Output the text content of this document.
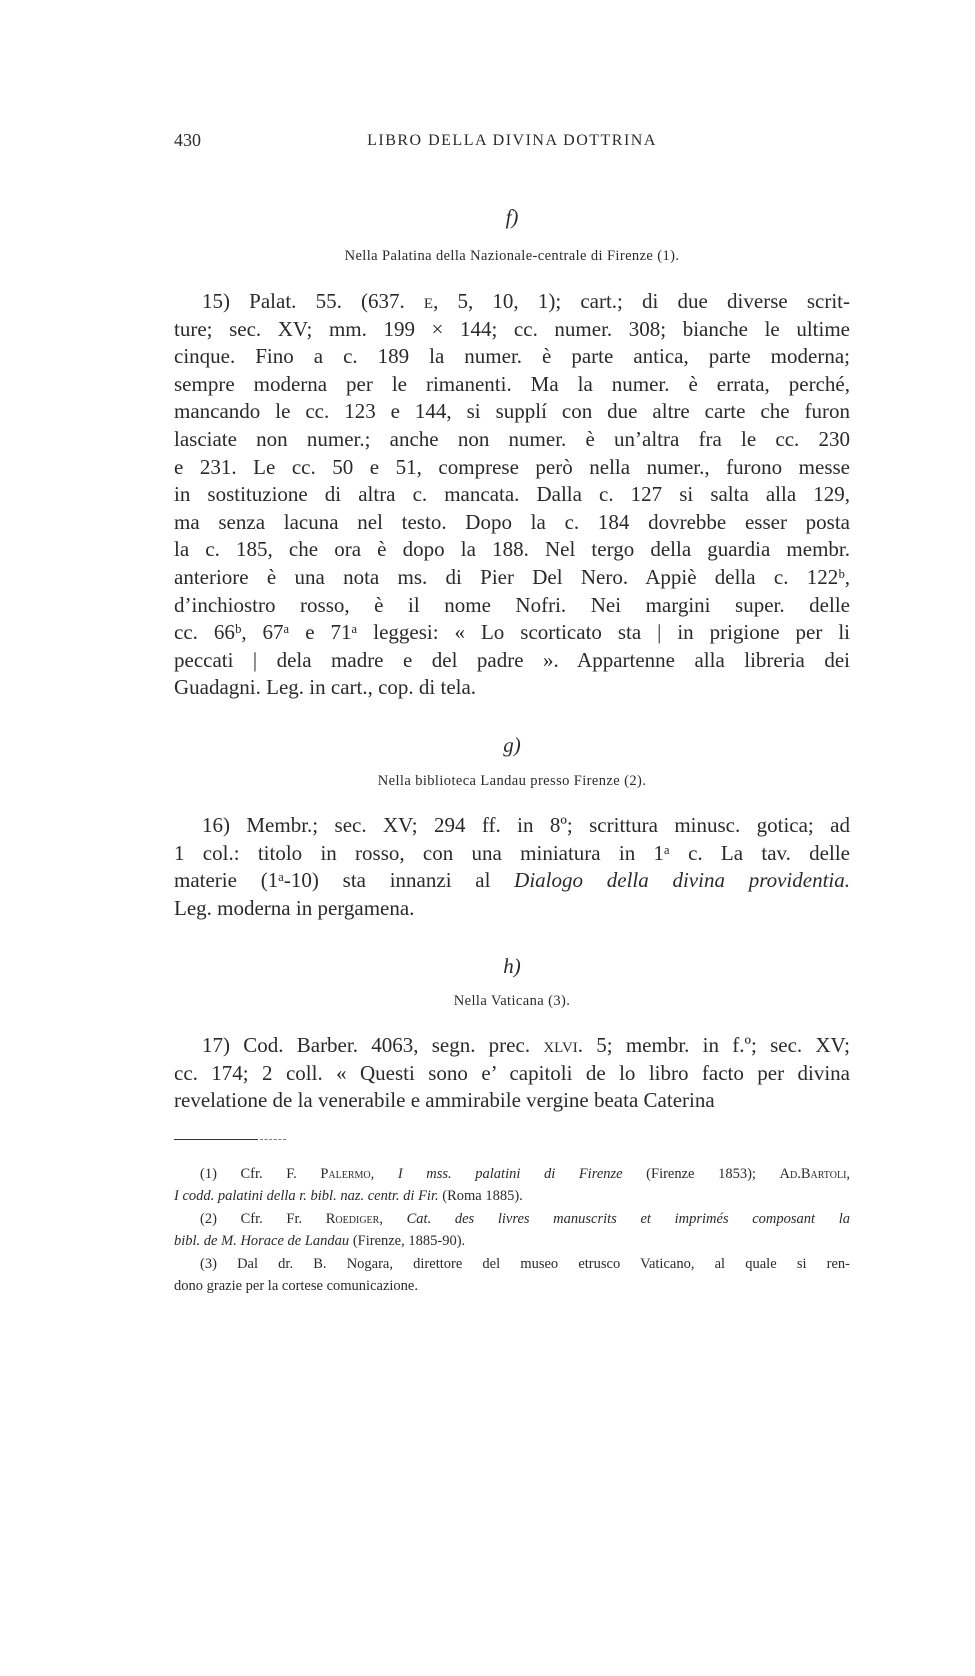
430	LIBRO DELLA DIVINA DOTTRINA
f)
Nella Palatina della Nazionale-centrale di Firenze (1).
15) Palat. 55. (637. e, 5, 10, 1); cart.; di due diverse scrit-
ture; sec. XV; mm. 199 × 144; cc. numer. 308; bianche le ultime
cinque. Fino a c. 189 la numer. è parte antica, parte moderna;
sempre moderna per le rimanenti. Ma la numer. è errata, perché,
mancando le cc. 123 e 144, si supplí con due altre carte che furon
lasciate non numer.; anche non numer. è un’altra fra le cc. 230
e 231. Le cc. 50 e 51, comprese però nella numer., furono messe
in sostituzione di altra c. mancata. Dalla c. 127 si salta alla 129,
ma senza lacuna nel testo. Dopo la c. 184 dovrebbe esser posta
la c. 185, che ora è dopo la 188. Nel tergo della guardia membr.
anteriore è una nota ms. di Pier Del Nero. Appiè della c. 122ᵇ,
d’inchiostro rosso, è il nome Nofri. Nei margini super. delle
cc. 66ᵇ, 67ᵃ e 71ᵃ leggesi: « Lo scorticato sta | in prigione per li
peccati | dela madre e del padre ». Appartenne alla libreria dei
Guadagni. Leg. in cart., cop. di tela.
g)
Nella biblioteca Landau presso Firenze (2).
16) Membr.; sec. XV; 294 ff. in 8º; scrittura minusc. gotica; ad
1 col.: titolo in rosso, con una miniatura in 1ᵃ c. La tav. delle
materie (1ᵃ-10) sta innanzi al Dialogo della divina providentia.
Leg. moderna in pergamena.
h)
Nella Vaticana (3).
17) Cod. Barber. 4063, segn. prec. xlvi. 5; membr. in f.º; sec. XV;
cc. 174; 2 coll. « Questi sono e’ capitoli de lo libro facto per divina
revelatione de la venerabile e ammirabile vergine beata Caterina
(1) Cfr. F. Palermo, I mss. palatini di Firenze (Firenze 1853); Ad.Bartoli,
I codd. palatini della r. bibl. naz. centr. di Fir. (Roma 1885).
(2) Cfr. Fr. Roediger, Cat. des livres manuscrits et imprimés composant la
bibl. de M. Horace de Landau (Firenze, 1885-90).
(3) Dal dr. B. Nogara, direttore del museo etrusco Vaticano, al quale si ren-
dono grazie per la cortese comunicazione.
